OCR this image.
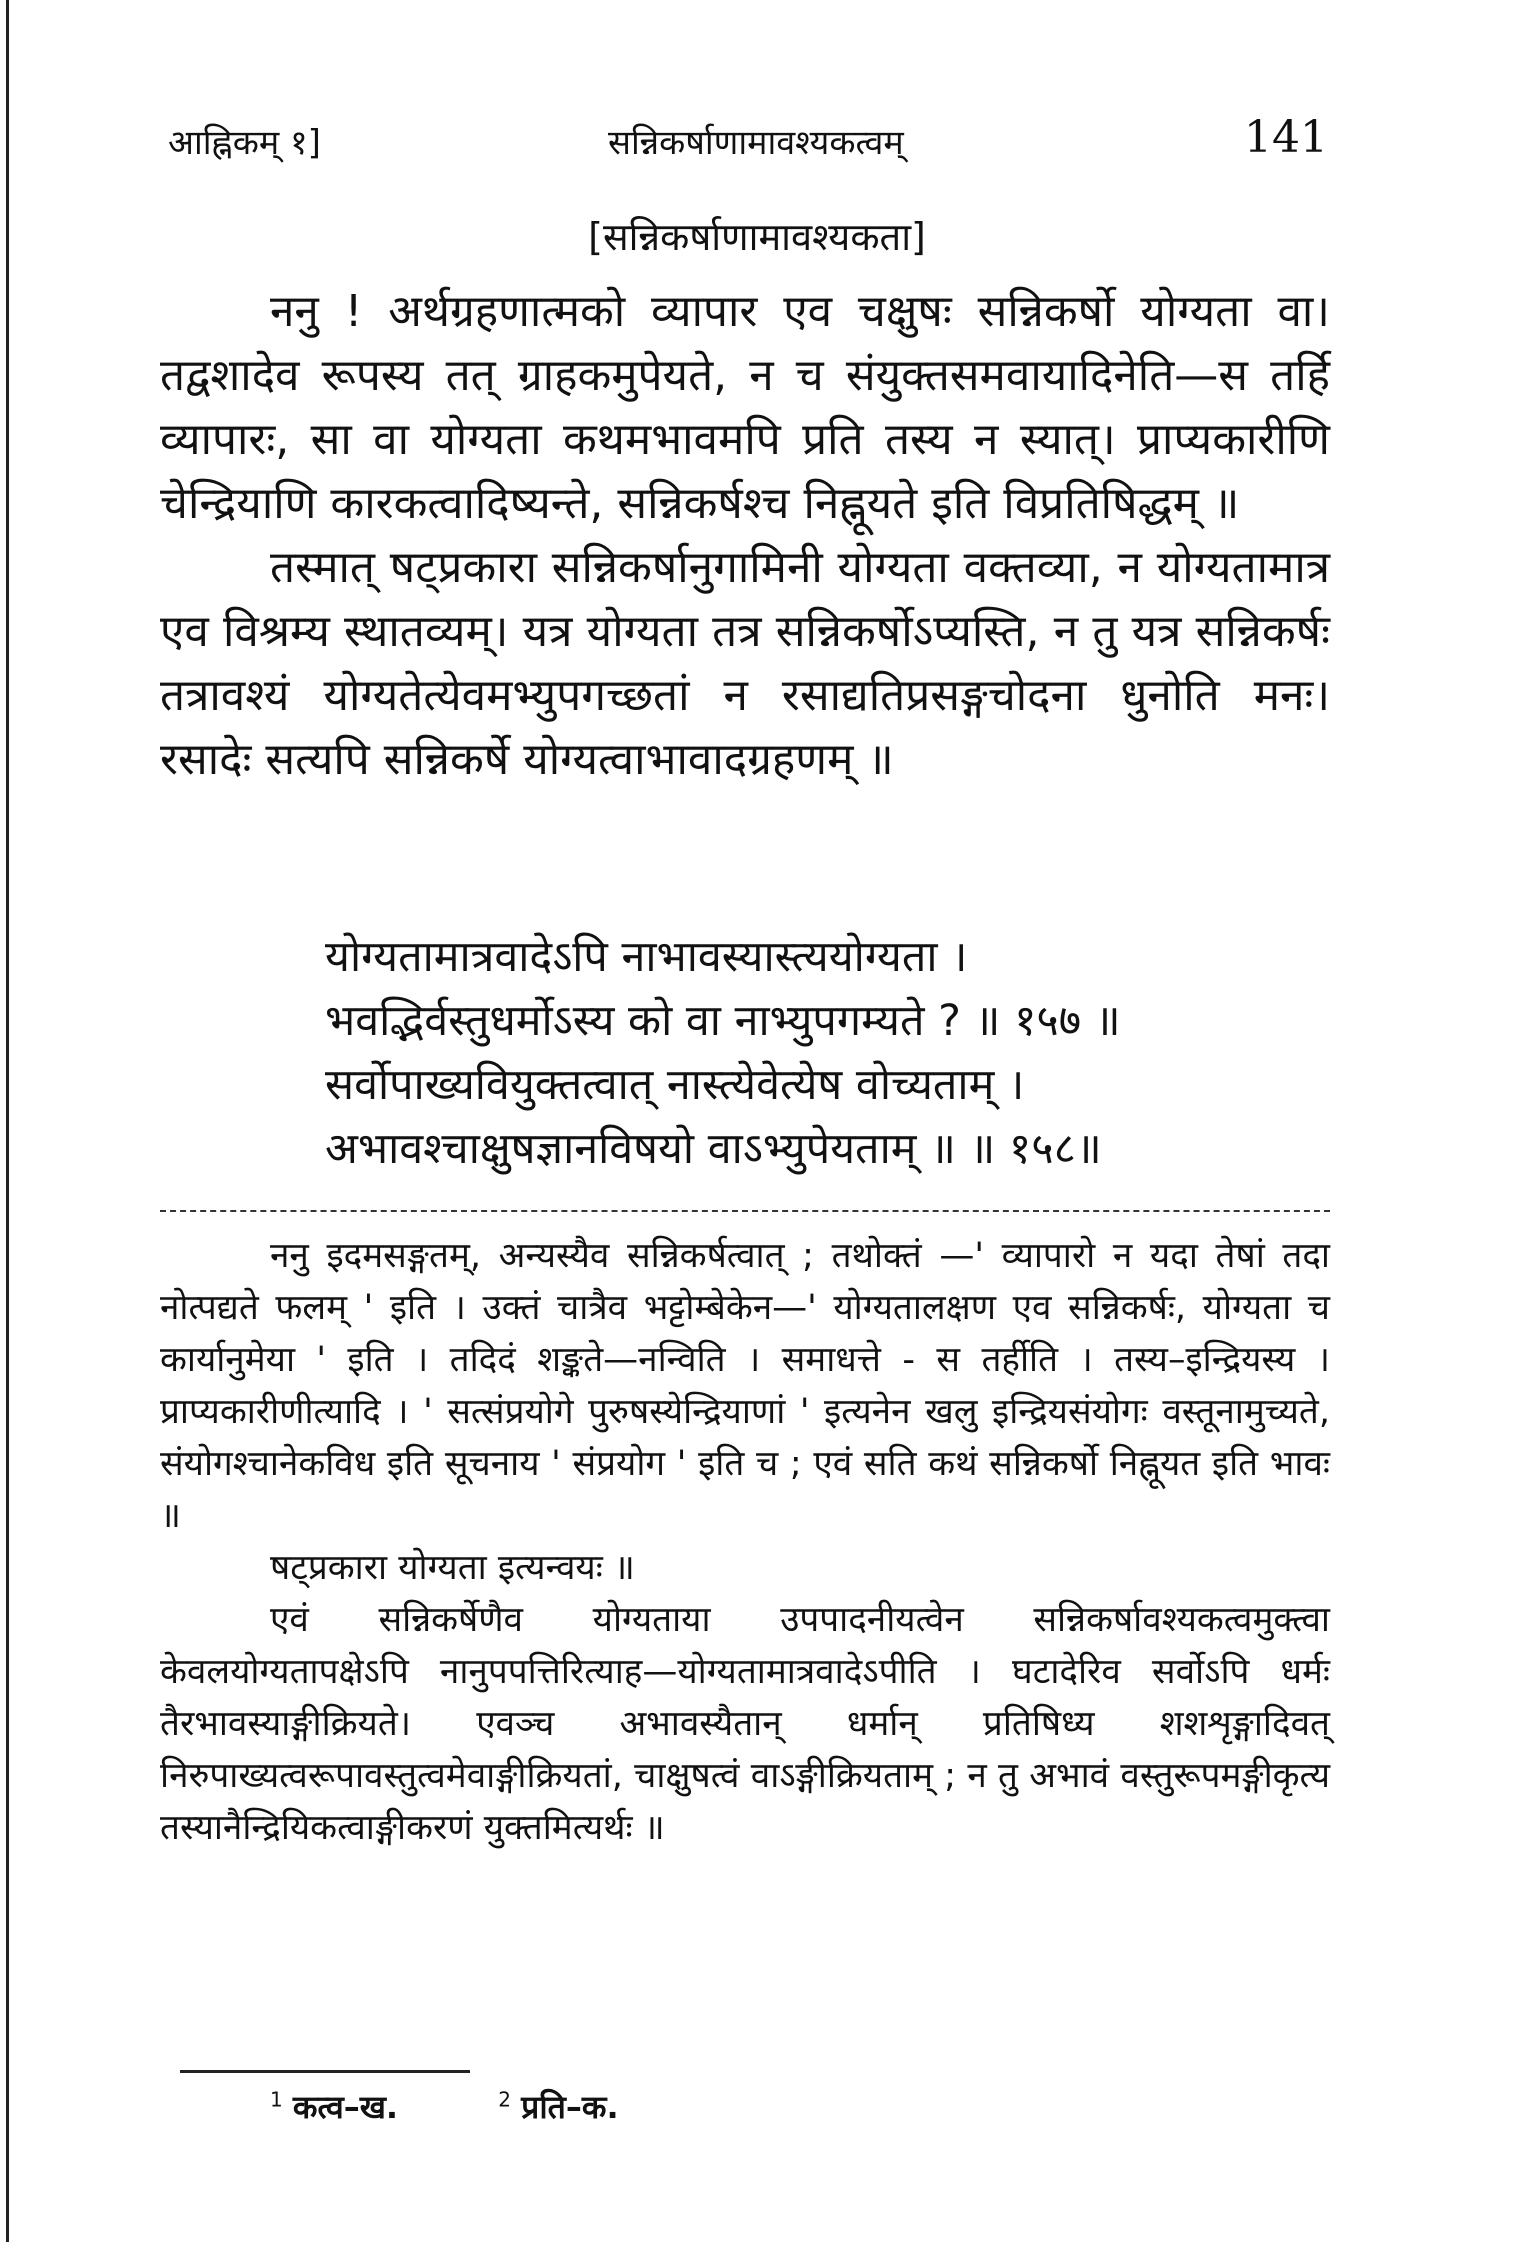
आह्निकम् १]	सन्निकर्षाणामावश्यकत्वम्	141
[सन्निकर्षाणामावश्यकता]

ननु ! अर्थग्रहणात्मको व्यापार एव चक्षुषः सन्निकर्षो योग्यता वा। तद्वशादेव रूपस्य तत् ग्राहकमुपेयते, न च संयुक्तसमवायादिनेति—स तर्हि व्यापारः, सा वा योग्यता कथमभावमपि प्रति तस्य न स्यात्। प्राप्यकारीणि चेन्द्रियाणि कारकत्वादिष्यन्ते, सन्निकर्षश्च निह्नूयते इति विप्रतिषिद्धम् ॥

तस्मात् षट्प्रकारा सन्निकर्षानुगामिनी योग्यता वक्तव्या, न योग्यतामात्र एव विश्रम्य स्थातव्यम्। यत्र योग्यता तत्र सन्निकर्षोऽप्यस्ति, न तु यत्र सन्निकर्षः तत्रावश्यं योग्यतेत्येवमभ्युपगच्छतां न रसाद्यतिप्रसङ्गचोदना धुनोति मनः। रसादेः सत्यपि सन्निकर्षे योग्यत्वाभावादग्रहणम् ॥

योग्यतामात्रवादेऽपि नाभावस्यास्त्ययोग्यता ।
भवद्भिर्वस्तुधर्मोऽस्य को वा नाभ्युपगम्यते ? ॥ १५७ ॥
सर्वोपाख्यवियुक्तत्वात् नास्त्येवेत्येष वोच्यताम् ।
अभावश्चाक्षुषज्ञानविषयो वाऽभ्युपेयताम् ॥ ॥ १५८॥

ननु इदमसङ्गतम्, अन्यस्यैव सन्निकर्षत्वात् ; तथोक्तं —' व्यापारो न यदा तेषां तदा नोत्पद्यते फलम् ' इति । उक्तं चात्रैव भट्टोम्बेकेन—' योग्यतालक्षण एव सन्निकर्षः, योग्यता च कार्यानुमेया ' इति । तदिदं शङ्कते—नन्विति । समाधत्ते - स तर्हीति । तस्य–इन्द्रियस्य । प्राप्यकारीणीत्यादि । ' सत्संप्रयोगे पुरुषस्येन्द्रियाणां ' इत्यनेन खलु इन्द्रियसंयोगः वस्तूनामुच्यते, संयोगश्चानेकविध इति सूचनाय ' संप्रयोग ' इति च ; एवं सति कथं सन्निकर्षो निह्नूयत इति भावः ॥

षट्प्रकारा योग्यता इत्यन्वयः ॥

एवं सन्निकर्षेणैव योग्यताया उपपादनीयत्वेन सन्निकर्षावश्यकत्वमुक्त्वा केवलयोग्यतापक्षेऽपि नानुपपत्तिरित्याह—योग्यतामात्रवादेऽपीति । घटादेरिव सर्वोऽपि धर्मः तैरभावस्याङ्गीक्रियते। एवञ्च अभावस्यैतान् धर्मान् प्रतिषिध्य शशशृङ्गादिवत् निरुपाख्यत्वरूपावस्तुत्वमेवाङ्गीक्रियतां, चाक्षुषत्वं वाऽङ्गीक्रियताम् ; न तु अभावं वस्तुरूपमङ्गीकृत्य तस्यानैन्द्रियिकत्वाङ्गीकरणं युक्तमित्यर्थः ॥

$^1$ कत्व–ख.	$^2$ प्रति–क.
